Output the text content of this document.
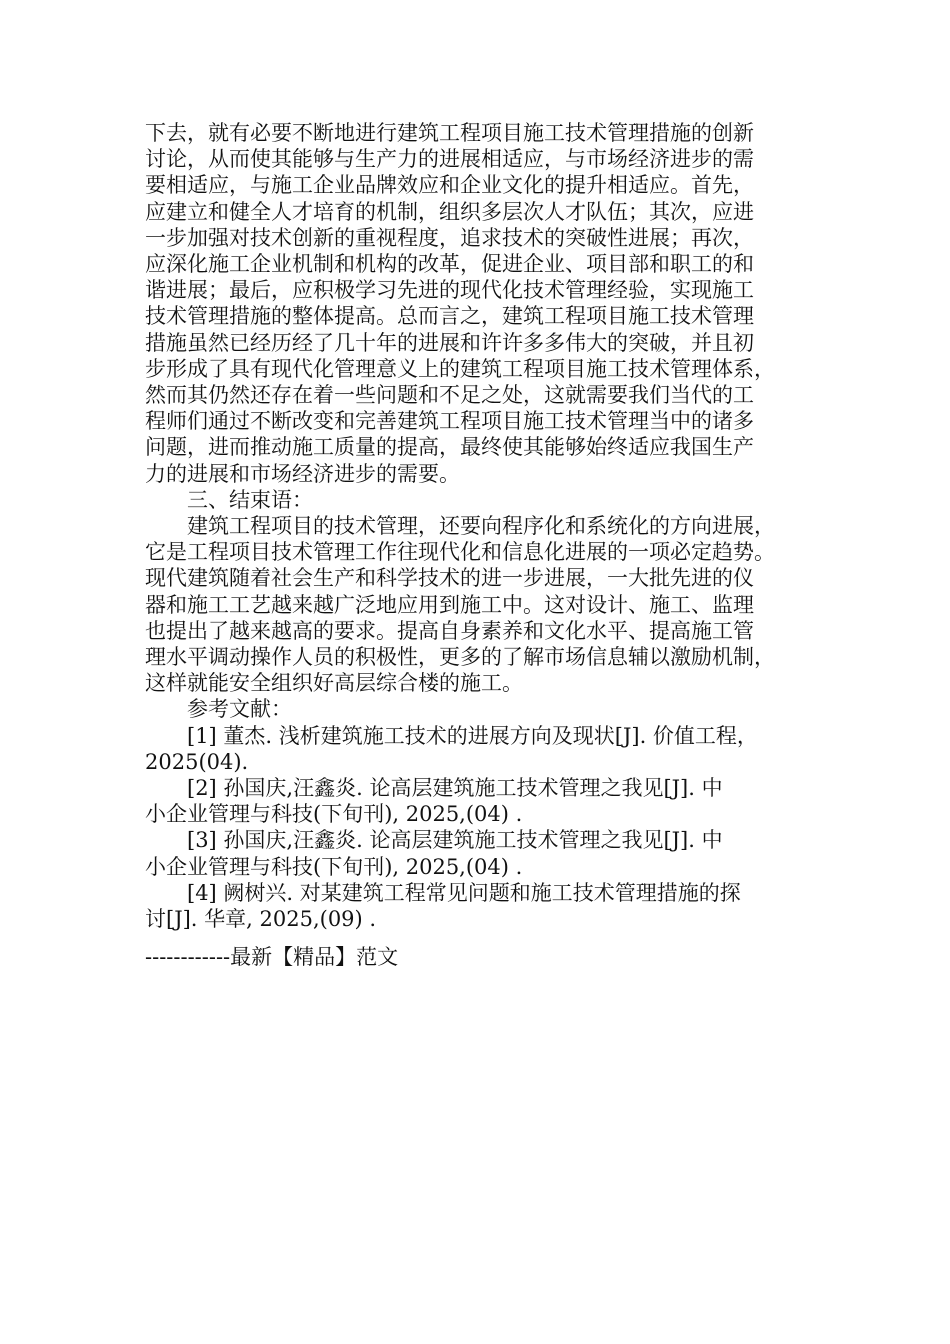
下去，就有必要不断地进行建筑工程项目施工技术管理措施的创新
讨论，从而使其能够与生产力的进展相适应，与市场经济进步的需
要相适应，与施工企业品牌效应和企业文化的提升相适应。首先，
应建立和健全人才培育的机制，组织多层次人才队伍；其次，应进
一步加强对技术创新的重视程度，追求技术的突破性进展；再次，
应深化施工企业机制和机构的改革，促进企业、项目部和职工的和
谐进展；最后，应积极学习先进的现代化技术管理经验，实现施工
技术管理措施的整体提高。总而言之，建筑工程项目施工技术管理
措施虽然已经历经了几十年的进展和许许多多伟大的突破，并且初
步形成了具有现代化管理意义上的建筑工程项目施工技术管理体系，
然而其仍然还存在着一些问题和不足之处，这就需要我们当代的工
程师们通过不断改变和完善建筑工程项目施工技术管理当中的诸多
问题，进而推动施工质量的提高，最终使其能够始终适应我国生产
力的进展和市场经济进步的需要。

　　三、结束语：

　　建筑工程项目的技术管理，还要向程序化和系统化的方向进展，
它是工程项目技术管理工作往现代化和信息化进展的一项必定趋势。
现代建筑随着社会生产和科学技术的进一步进展，一大批先进的仪
器和施工工艺越来越广泛地应用到施工中。这对设计、施工、监理
也提出了越来越高的要求。提高自身素养和文化水平、提高施工管
理水平调动操作人员的积极性，更多的了解市场信息辅以激励机制，
这样就能安全组织好高层综合楼的施工。

　　参考文献：

　　[1] 董杰. 浅析建筑施工技术的进展方向及现状[J]. 价值工程，
2025(04).

　　[2] 孙国庆,汪鑫炎. 论高层建筑施工技术管理之我见[J]. 中
小企业管理与科技(下旬刊), 2025,(04) .

　　[3] 孙国庆,汪鑫炎. 论高层建筑施工技术管理之我见[J]. 中
小企业管理与科技(下旬刊), 2025,(04) .

　　[4] 阙树兴. 对某建筑工程常见问题和施工技术管理措施的探
讨[J]. 华章, 2025,(09) .

------------最新【精品】范文
